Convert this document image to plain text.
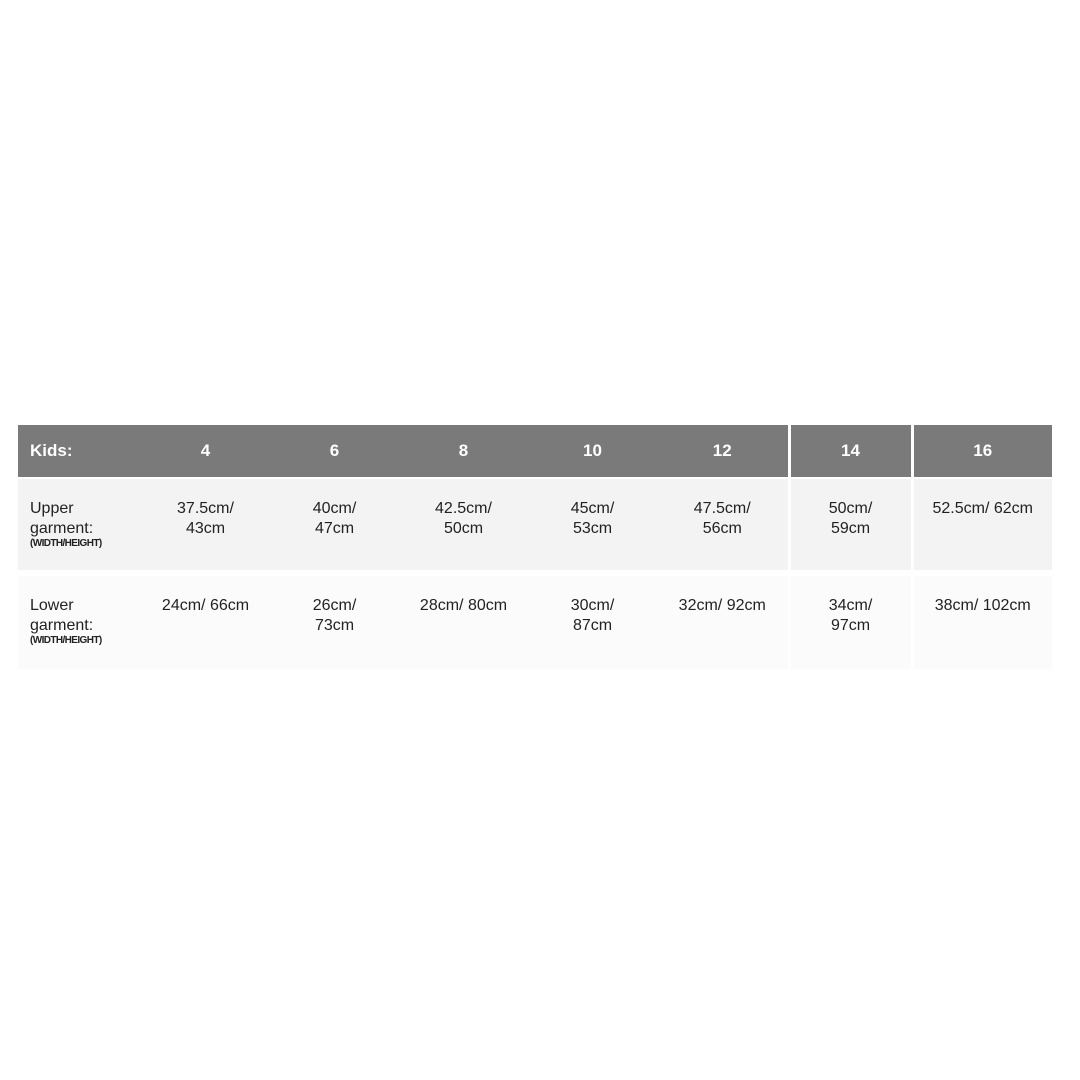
Kids:	4	6	8	10	12	14	16

Upper garment:
(WIDTH/HEIGHT)	37.5cm/ 43cm	40cm/ 47cm	42.5cm/ 50cm	45cm/ 53cm	47.5cm/ 56cm	50cm/ 59cm	52.5cm/ 62cm

Lower garment:
(WIDTH/HEIGHT)	24cm/ 66cm	26cm/ 73cm	28cm/ 80cm	30cm/ 87cm	32cm/ 92cm	34cm/ 97cm	38cm/ 102cm
